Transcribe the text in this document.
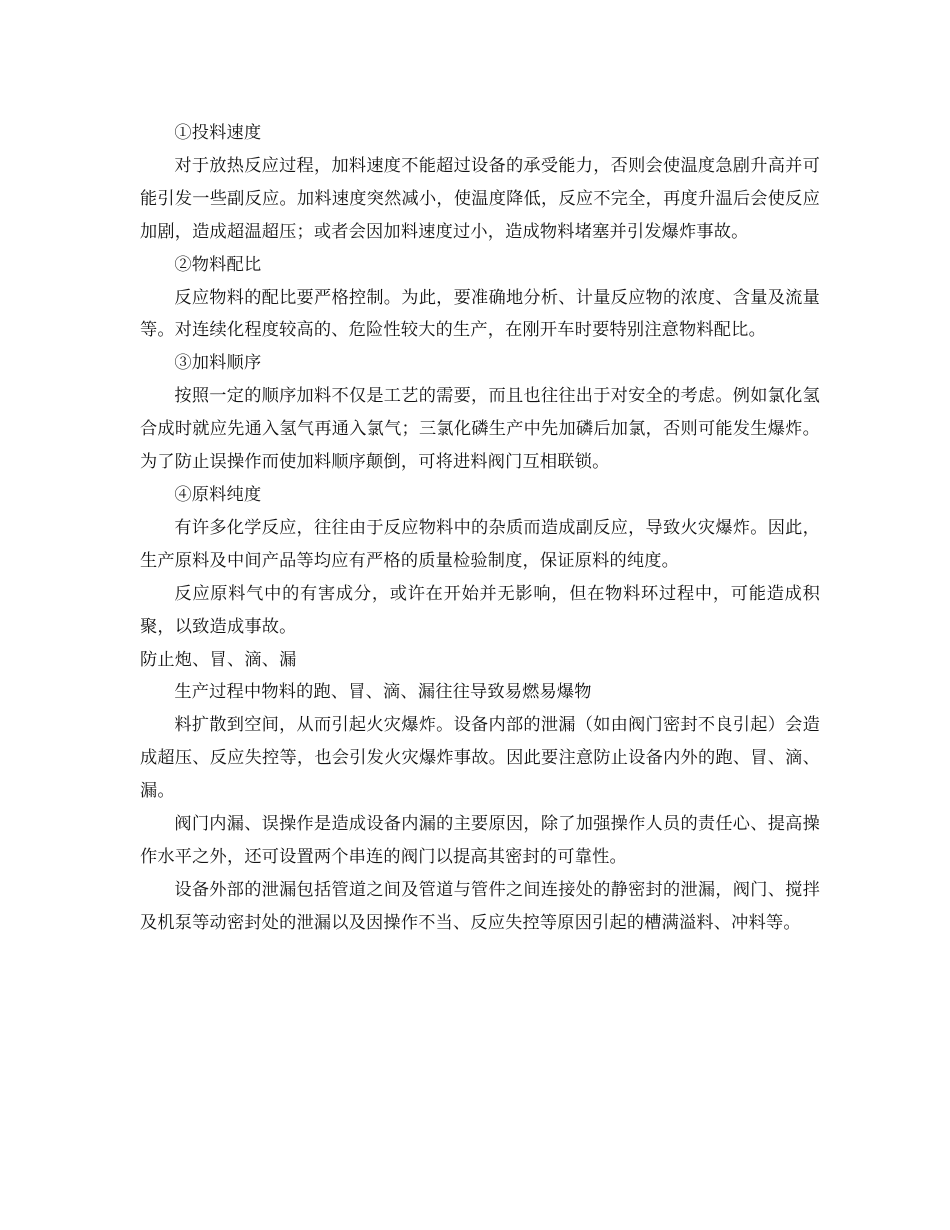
①投料速度

对于放热反应过程，加料速度不能超过设备的承受能力，否则会使温度急剧升高并可能引发一些副反应。加料速度突然减小，使温度降低，反应不完全，再度升温后会使反应加剧，造成超温超压；或者会因加料速度过小，造成物料堵塞并引发爆炸事故。

②物料配比

反应物料的配比要严格控制。为此，要准确地分析、计量反应物的浓度、含量及流量等。对连续化程度较高的、危险性较大的生产，在刚开车时要特别注意物料配比。

③加料顺序

按照一定的顺序加料不仅是工艺的需要，而且也往往出于对安全的考虑。例如氯化氢合成时就应先通入氢气再通入氯气；三氯化磷生产中先加磷后加氯，否则可能发生爆炸。为了防止误操作而使加料顺序颠倒，可将进料阀门互相联锁。

④原料纯度

有许多化学反应，往往由于反应物料中的杂质而造成副反应，导致火灾爆炸。因此，生产原料及中间产品等均应有严格的质量检验制度，保证原料的纯度。

反应原料气中的有害成分，或许在开始并无影响，但在物料环过程中，可能造成积聚，以致造成事故。

防止炮、冒、滴、漏

生产过程中物料的跑、冒、滴、漏往往导致易燃易爆物

料扩散到空间，从而引起火灾爆炸。设备内部的泄漏（如由阀门密封不良引起）会造成超压、反应失控等，也会引发火灾爆炸事故。因此要注意防止设备内外的跑、冒、滴、漏。

阀门内漏、误操作是造成设备内漏的主要原因，除了加强操作人员的责任心、提高操作水平之外，还可设置两个串连的阀门以提高其密封的可靠性。

设备外部的泄漏包括管道之间及管道与管件之间连接处的静密封的泄漏，阀门、搅拌及机泵等动密封处的泄漏以及因操作不当、反应失控等原因引起的槽满溢料、冲料等。
